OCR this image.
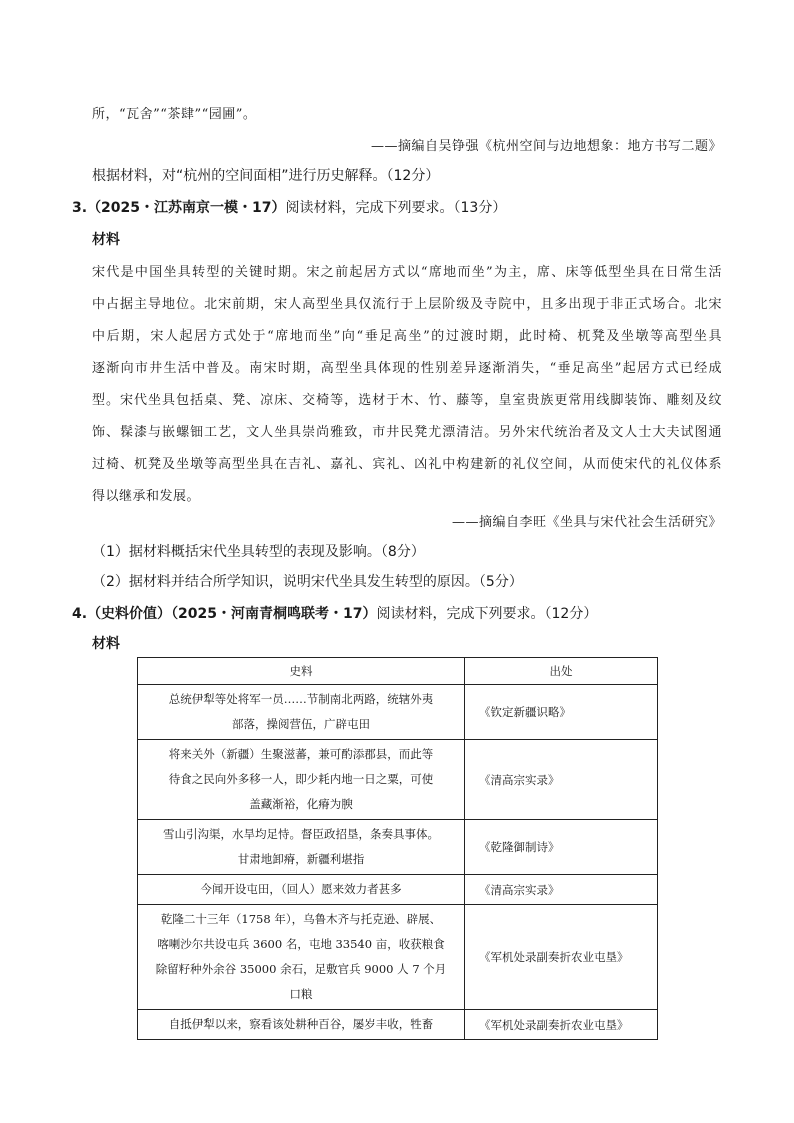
所，“瓦舍”“茶肆”“园圃”。
——摘编自吴铮强《杭州空间与边地想象：地方书写二题》
根据材料，对“杭州的空间面相”进行历史解释。（12分）
3.（2025・江苏南京一模・17）阅读材料，完成下列要求。（13分）
材料
宋代是中国坐具转型的关键时期。宋之前起居方式以“席地而坐”为主，席、床等低型坐具在日常生活
中占据主导地位。北宋前期，宋人高型坐具仅流行于上层阶级及寺院中，且多出现于非正式场合。北宋
中后期，宋人起居方式处于“席地而坐”向“垂足高坐”的过渡时期，此时椅、杌凳及坐墩等高型坐具
逐渐向市井生活中普及。南宋时期，高型坐具体现的性别差异逐渐消失，“垂足高坐”起居方式已经成
型。宋代坐具包括桌、凳、凉床、交椅等，选材于木、竹、藤等，皇室贵族更常用线脚装饰、雕刻及纹
饰、髹漆与嵌螺钿工艺，文人坐具崇尚雅致，市井民凳尤漂清洁。另外宋代统治者及文人士大夫试图通
过椅、杌凳及坐墩等高型坐具在吉礼、嘉礼、宾礼、凶礼中构建新的礼仪空间，从而使宋代的礼仪体系
得以继承和发展。
——摘编自李旺《坐具与宋代社会生活研究》
（1）据材料概括宋代坐具转型的表现及影响。（8分）
（2）据材料并结合所学知识，说明宋代坐具发生转型的原因。（5分）
4.（史料价值）（2025・河南青桐鸣联考・17）阅读材料，完成下列要求。（12分）
材料
史料	出处

总统伊犁等处将军一员……节制南北两路，统辖外夷
部落，操阅营伍，广辟屯田	《钦定新疆识略》

将来关外（新疆）生聚滋蕃，兼可酌添郡县，而此等
待食之民向外多移一人，即少耗内地一日之粟，可使
盖藏渐裕，化瘠为腴	《清高宗实录》

雪山引沟渠，水旱均足恃。督臣政招垦，条奏具事体。
甘肃地卸瘠，新疆利堪指	《乾隆御制诗》

今闻开设屯田，（回人）愿来效力者甚多	《清高宗实录》

乾隆二十三年（1758 年），乌鲁木齐与托克逊、辟展、
喀喇沙尔共设屯兵 3600 名，屯地 33540 亩，收获粮食
除留籽种外余谷 35000 余石，足敷官兵 9000 人 7 个月
口粮	《军机处录副奏折农业屯垦》

自抵伊犁以来，察看该处耕种百谷，屡岁丰收，牲畜	《军机处录副奏折农业屯垦》
